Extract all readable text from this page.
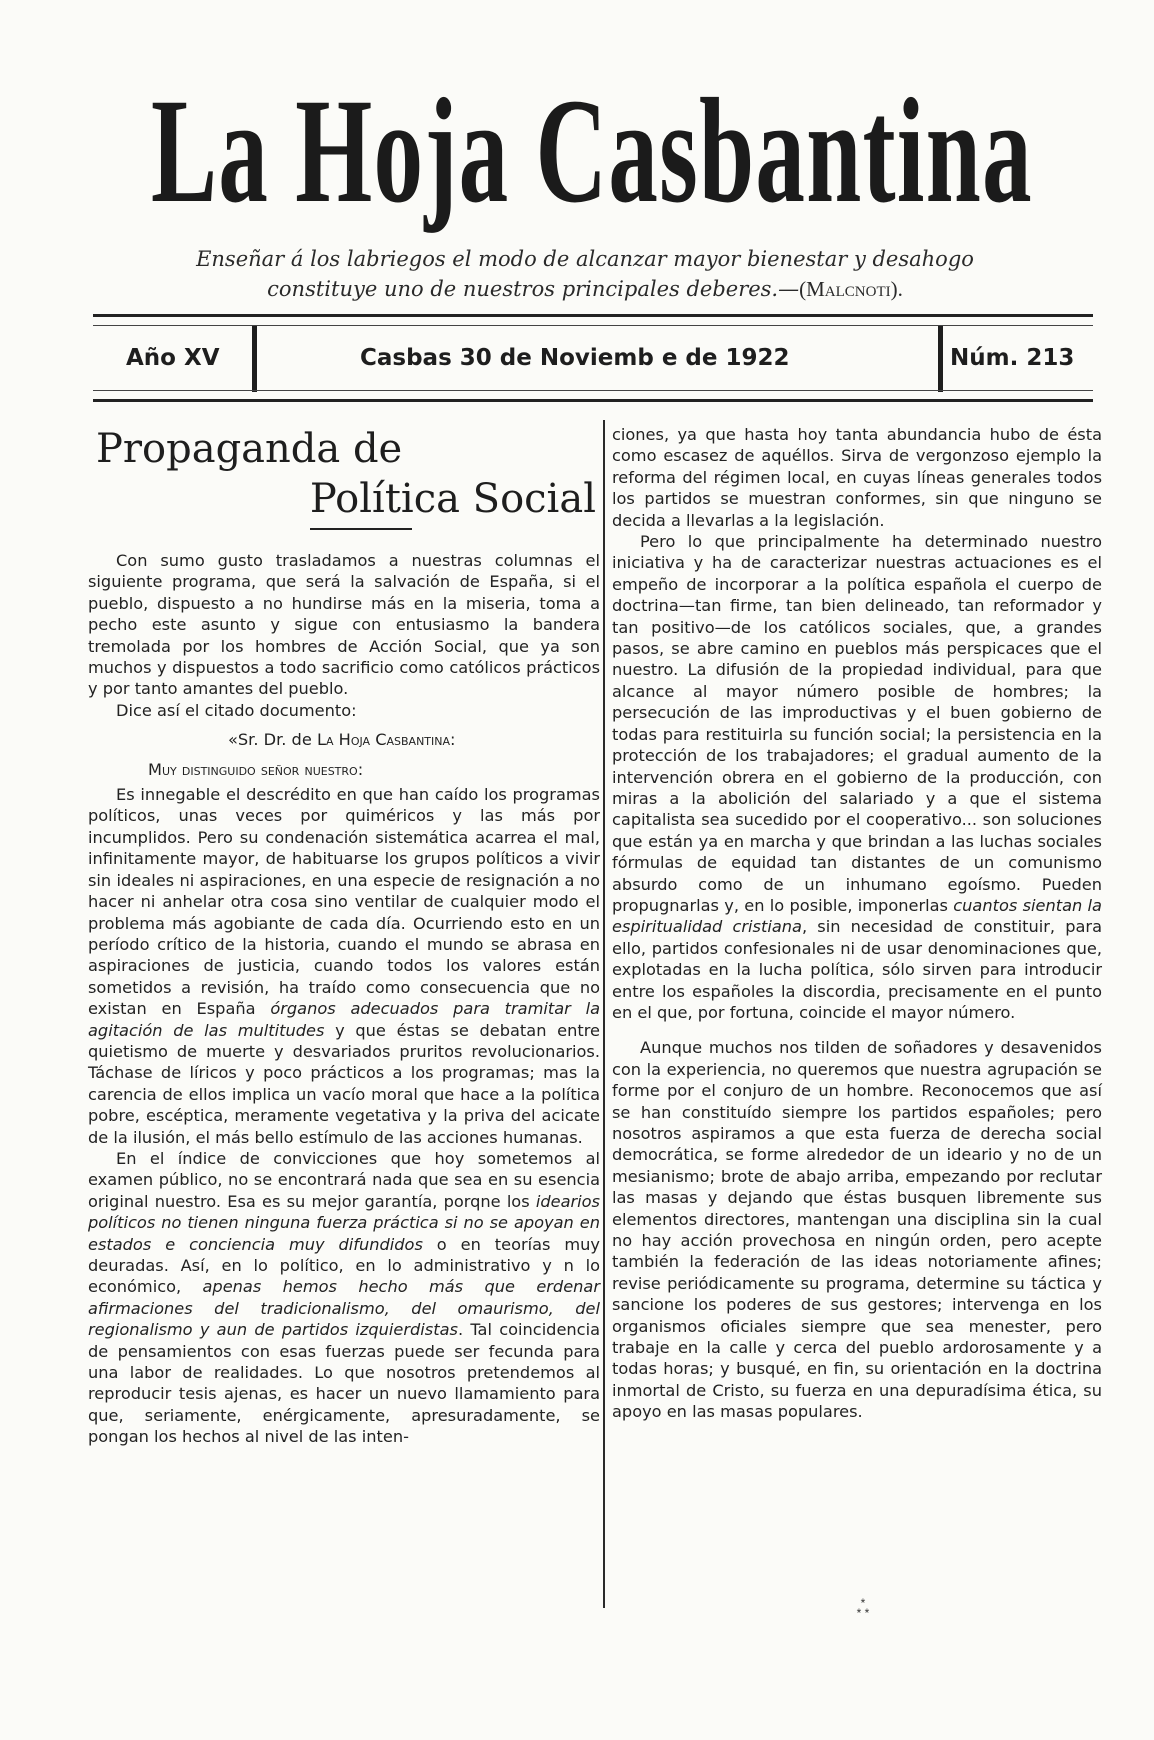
La Hoja Casbantina
Enseñar á los labriegos el modo de alcanzar mayor bienestar y desahogo
constituye uno de nuestros principales deberes.—(Malcnoti).
Año XV	Casbas 30 de Noviemb e de 1922	Núm. 213
Propaganda de
Política Social

Con sumo gusto trasladamos a nuestras columnas el siguiente programa, que será la salvación de España, si el pueblo, dispuesto a no hundirse más en la miseria, toma a pecho este asunto y sigue con entusiasmo la bandera tremolada por los hombres de Acción Social, que ya son muchos y dispuestos a todo sacrificio como católicos prácticos y por tanto amantes del pueblo.

Dice así el citado documento:

«Sr. Dr. de La Hoja Casbantina:
Muy distinguido señor nuestro:

Es innegable el descrédito en que han caído los programas políticos, unas veces por quiméricos y las más por incumplidos. Pero su condenación sistemática acarrea el mal, infinitamente mayor, de habituarse los grupos políticos a vivir sin ideales ni aspiraciones, en una especie de resignación a no hacer ni anhelar otra cosa sino ventilar de cualquier modo el problema más agobiante de cada día. Ocurriendo esto en un período crítico de la historia, cuando el mundo se abrasa en aspiraciones de justicia, cuando todos los valores están sometidos a revisión, ha traído como consecuencia que no existan en España órganos adecuados para tramitar la agitación de las multitudes y que éstas se debatan entre quietismo de muerte y desvariados pruritos revolucionarios. Táchase de líricos y poco prácticos a los programas; mas la carencia de ellos implica un vacío moral que hace a la política pobre, escéptica, meramente vegetativa y la priva del acicate de la ilusión, el más bello estímulo de las acciones humanas.

En el índice de convicciones que hoy sometemos al examen público, no se encontrará nada que sea en su esencia original nuestro. Esa es su mejor garantía, porqne los idearios políticos no tienen ninguna fuerza práctica si no se apoyan en estados e conciencia muy difundidos o en teorías muy deuradas. Así, en lo político, en lo administrativo y n lo económico, apenas hemos hecho más que erdenar afirmaciones del tradicionalismo, del omaurismo, del regionalismo y aun de partidos izquierdistas. Tal coincidencia de pensamientos con esas fuerzas puede ser fecunda para una labor de realidades. Lo que nosotros pretendemos al reproducir tesis ajenas, es hacer un nuevo llamamiento para que, seriamente, enérgicamente, apresuradamente, se pongan los hechos al nivel de las inten-

ciones, ya que hasta hoy tanta abundancia hubo de ésta como escasez de aquéllos. Sirva de vergonzoso ejemplo la reforma del régimen local, en cuyas líneas generales todos los partidos se muestran conformes, sin que ninguno se decida a llevarlas a la legislación.

Pero lo que principalmente ha determinado nuestro iniciativa y ha de caracterizar nuestras actuaciones es el empeño de incorporar a la política española el cuerpo de doctrina—tan firme, tan bien delineado, tan reformador y tan positivo—de los católicos sociales, que, a grandes pasos, se abre camino en pueblos más perspicaces que el nuestro. La difusión de la propiedad individual, para que alcance al mayor número posible de hombres; la persecución de las improductivas y el buen gobierno de todas para restituirla su función social; la persistencia en la protección de los trabajadores; el gradual aumento de la intervención obrera en el gobierno de la producción, con miras a la abolición del salariado y a que el sistema capitalista sea sucedido por el cooperativo... son soluciones que están ya en marcha y que brindan a las luchas sociales fórmulas de equidad tan distantes de un comunismo absurdo como de un inhumano egoísmo. Pueden propugnarlas y, en lo posible, imponerlas cuantos sientan la espiritualidad cristiana, sin necesidad de constituir, para ello, partidos confesionales ni de usar denominaciones que, explotadas en la lucha política, sólo sirven para introducir entre los españoles la discordia, precisamente en el punto en el que, por fortuna, coincide el mayor número.

Aunque muchos nos tilden de soñadores y desavenidos con la experiencia, no queremos que nuestra agrupación se forme por el conjuro de un hombre. Reconocemos que así se han constituído siempre los partidos españoles; pero nosotros aspiramos a que esta fuerza de derecha social democrática, se forme alrededor de un ideario y no de un mesianismo; brote de abajo arriba, empezando por reclutar las masas y dejando que éstas busquen libremente sus elementos directores, mantengan una disciplina sin la cual no hay acción provechosa en ningún orden, pero acepte también la federación de las ideas notoriamente afines; revise periódicamente su programa, determine su táctica y sancione los poderes de sus gestores; intervenga en los organismos oficiales siempre que sea menester, pero trabaje en la calle y cerca del pueblo ardorosamente y a todas horas; y busqué, en fin, su orientación en la doctrina inmortal de Cristo, su fuerza en una depuradísima ética, su apoyo en las masas populares.

*
* *
